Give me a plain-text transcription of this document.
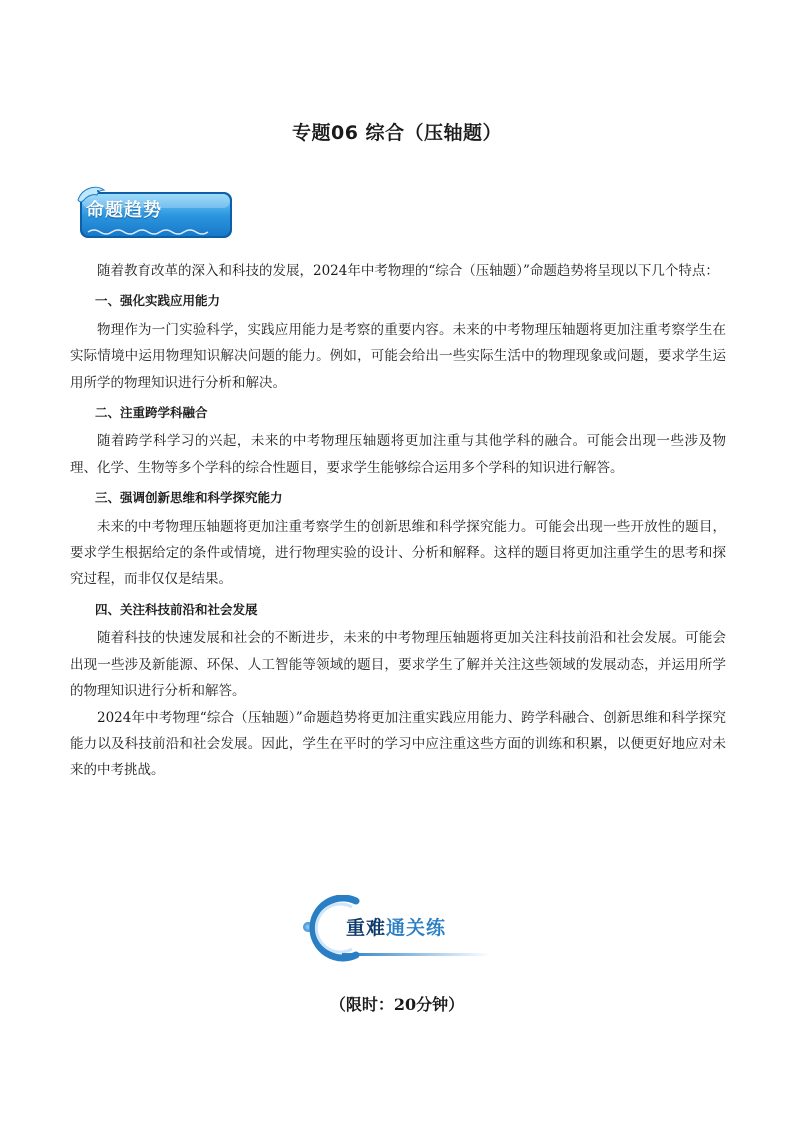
专题06 综合（压轴题）
命题趋势

随着教育改革的深入和科技的发展，2024年中考物理的“综合（压轴题）”命题趋势将呈现以下几个特点：

一、强化实践应用能力

物理作为一门实验科学，实践应用能力是考察的重要内容。未来的中考物理压轴题将更加注重考察学生在实际情境中运用物理知识解决问题的能力。例如，可能会给出一些实际生活中的物理现象或问题，要求学生运用所学的物理知识进行分析和解决。

二、注重跨学科融合

随着跨学科学习的兴起，未来的中考物理压轴题将更加注重与其他学科的融合。可能会出现一些涉及物理、化学、生物等多个学科的综合性题目，要求学生能够综合运用多个学科的知识进行解答。

三、强调创新思维和科学探究能力

未来的中考物理压轴题将更加注重考察学生的创新思维和科学探究能力。可能会出现一些开放性的题目，要求学生根据给定的条件或情境，进行物理实验的设计、分析和解释。这样的题目将更加注重学生的思考和探究过程，而非仅仅是结果。

四、关注科技前沿和社会发展

随着科技的快速发展和社会的不断进步，未来的中考物理压轴题将更加关注科技前沿和社会发展。可能会出现一些涉及新能源、环保、人工智能等领域的题目，要求学生了解并关注这些领域的发展动态，并运用所学的物理知识进行分析和解答。

2024年中考物理“综合（压轴题）”命题趋势将更加注重实践应用能力、跨学科融合、创新思维和科学探究能力以及科技前沿和社会发展。因此，学生在平时的学习中应注重这些方面的训练和积累，以便更好地应对未来的中考挑战。

重难通关练
（限时：20分钟）
